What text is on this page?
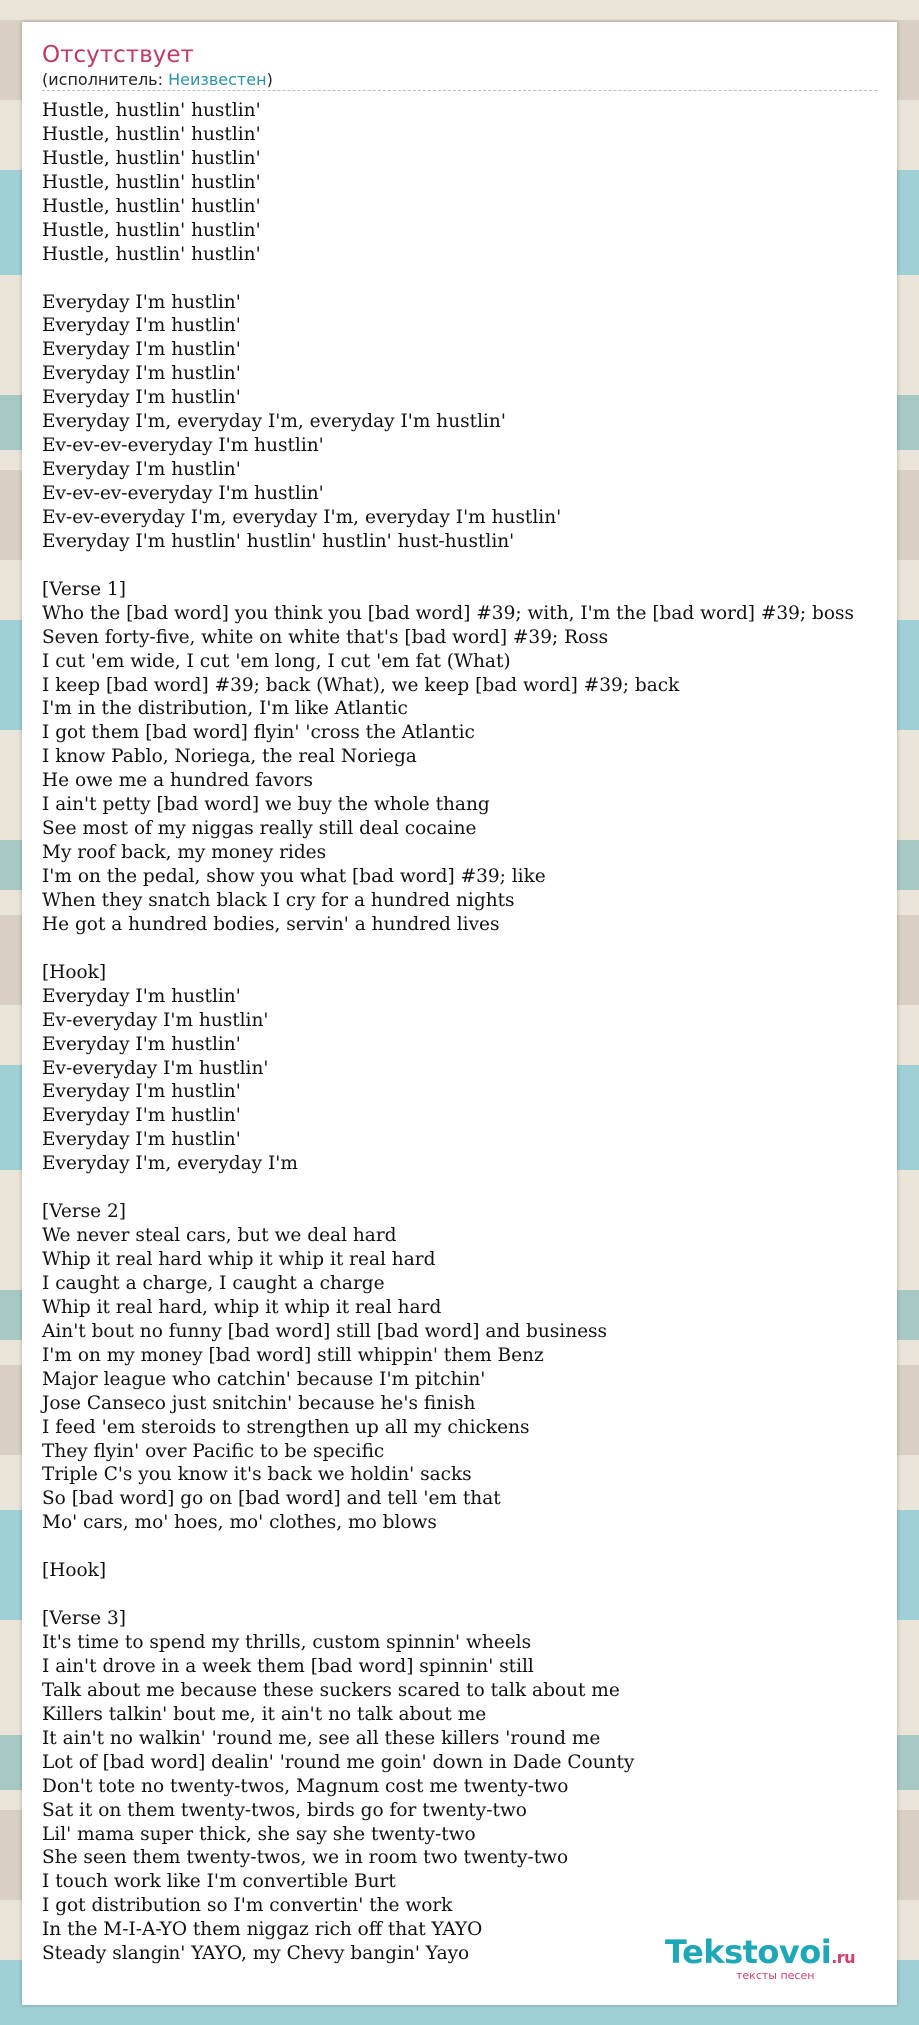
Отсутствует
(исполнитель: Неизвестен)
Hustle, hustlin' hustlin'
Hustle, hustlin' hustlin'
Hustle, hustlin' hustlin'
Hustle, hustlin' hustlin'
Hustle, hustlin' hustlin'
Hustle, hustlin' hustlin'
Hustle, hustlin' hustlin'
Everyday I'm hustlin'
Everyday I'm hustlin'
Everyday I'm hustlin'
Everyday I'm hustlin'
Everyday I'm hustlin'
Everyday I'm, everyday I'm, everyday I'm hustlin'
Ev-ev-ev-everyday I'm hustlin'
Everyday I'm hustlin'
Ev-ev-ev-everyday I'm hustlin'
Ev-ev-everyday I'm, everyday I'm, everyday I'm hustlin'
Everyday I'm hustlin' hustlin' hustlin' hust-hustlin'
[Verse 1]
Who the [bad word] you think you [bad word] #39; with, I'm the [bad word] #39; boss
Seven forty-five, white on white that's [bad word] #39; Ross
I cut 'em wide, I cut 'em long, I cut 'em fat (What)
I keep [bad word] #39; back (What), we keep [bad word] #39; back
I'm in the distribution, I'm like Atlantic
I got them [bad word] flyin' 'cross the Atlantic
I know Pablo, Noriega, the real Noriega
He owe me a hundred favors
I ain't petty [bad word] we buy the whole thang
See most of my niggas really still deal cocaine
My roof back, my money rides
I'm on the pedal, show you what [bad word] #39; like
When they snatch black I cry for a hundred nights
He got a hundred bodies, servin' a hundred lives
[Hook]
Everyday I'm hustlin'
Ev-everyday I'm hustlin'
Everyday I'm hustlin'
Ev-everyday I'm hustlin'
Everyday I'm hustlin'
Everyday I'm hustlin'
Everyday I'm hustlin'
Everyday I'm, everyday I'm
[Verse 2]
We never steal cars, but we deal hard
Whip it real hard whip it whip it real hard
I caught a charge, I caught a charge
Whip it real hard, whip it whip it real hard
Ain't bout no funny [bad word] still [bad word] and business
I'm on my money [bad word] still whippin' them Benz
Major league who catchin' because I'm pitchin'
Jose Canseco just snitchin' because he's finish
I feed 'em steroids to strengthen up all my chickens
They flyin' over Pacific to be specific
Triple C's you know it's back we holdin' sacks
So [bad word] go on [bad word] and tell 'em that
Mo' cars, mo' hoes, mo' clothes, mo blows
[Hook]
[Verse 3]
It's time to spend my thrills, custom spinnin' wheels
I ain't drove in a week them [bad word] spinnin' still
Talk about me because these suckers scared to talk about me
Killers talkin' bout me, it ain't no talk about me
It ain't no walkin' 'round me, see all these killers 'round me
Lot of [bad word] dealin' 'round me goin' down in Dade County
Don't tote no twenty-twos, Magnum cost me twenty-two
Sat it on them twenty-twos, birds go for twenty-two
Lil' mama super thick, she say she twenty-two
She seen them twenty-twos, we in room two twenty-two
I touch work like I'm convertible Burt
I got distribution so I'm convertin' the work
In the M-I-A-YO them niggaz rich off that YAYO
Steady slangin' YAYO, my Chevy bangin' Yayo	Tekstovoi.ru
тексты песен
